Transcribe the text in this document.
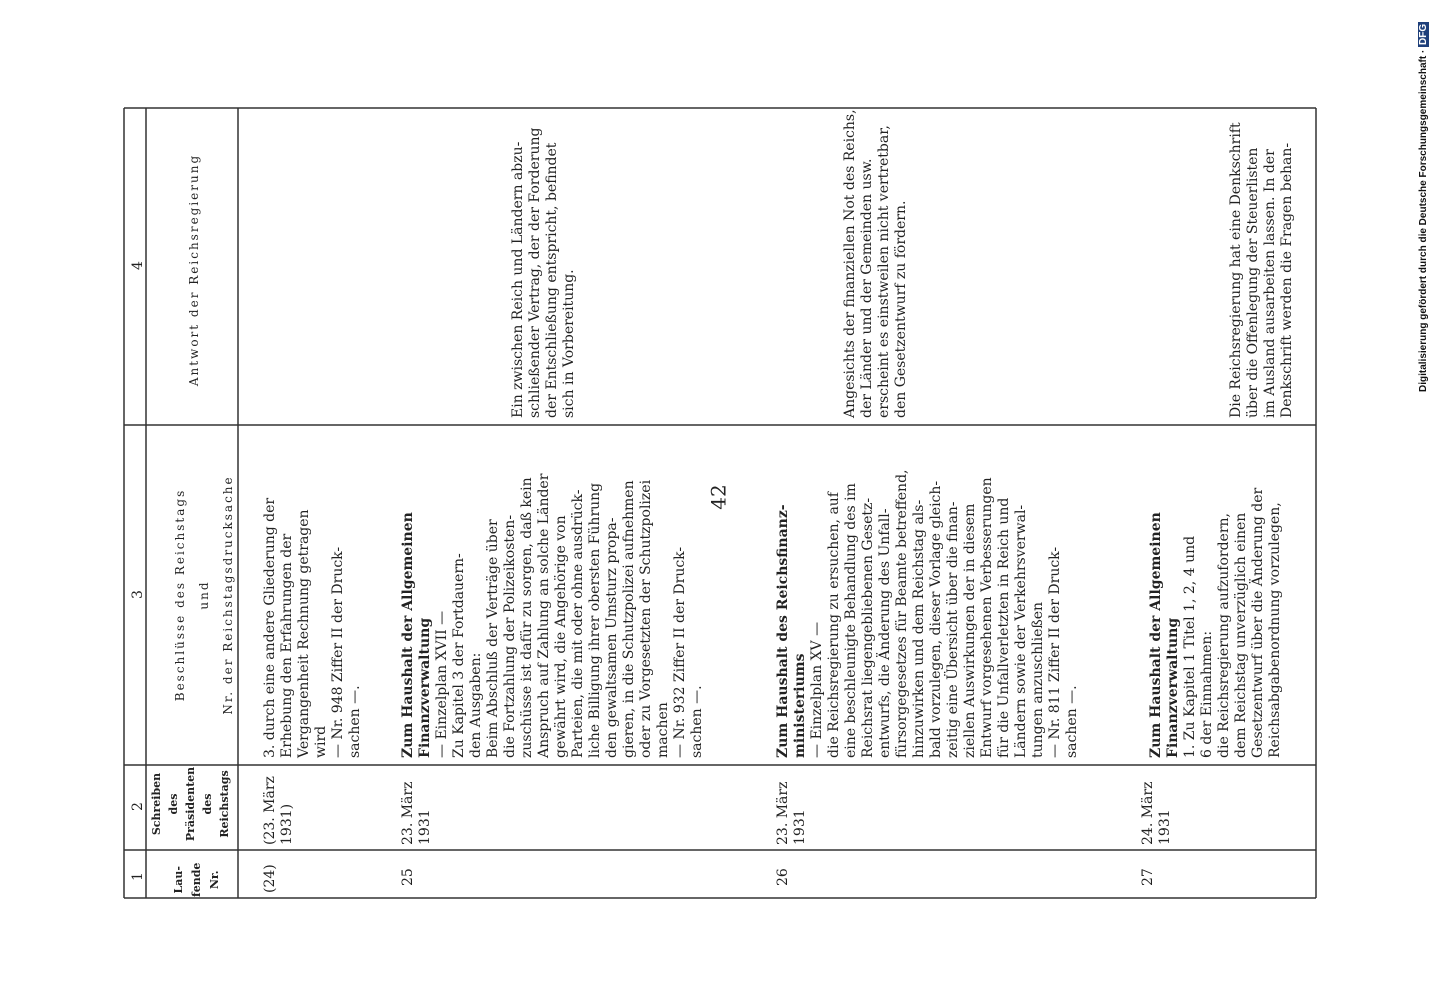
42
1
2
3
4
Lau- fende Nr.
Schreiben des Präsidenten des Reichstags
Beschlüsse des Reichstags und Nr. der Reichstagsdrucksache
Antwort der Reichsregierung
(24)
(23. März 1931)
3. durch eine andere Gliederung der Erhebung den Erfahrungen der Vergangenheit Rechnung getragen wird — Nr. 948 Ziffer II der Druck- sachen —.
25
23. März 1931
Zum Haushalt der Allgemeinen Finanzverwaltung — Einzelplan XVII — Zu Kapitel 3 der Fortdauern- den Ausgaben: Beim Abschluß der Verträge über die Fortzahlung der Polizeikosten- zuschüsse ist dafür zu sorgen, daß kein Anspruch auf Zahlung an solche Länder gewährt wird, die Angehörige von Parteien, die mit oder ohne ausdrück- liche Billigung ihrer obersten Führung den gewaltsamen Umsturz propa- gieren, in die Schutzpolizei aufnehmen oder zu Vorgesetzten der Schutzpolizei machen — Nr. 932 Ziffer II der Druck- sachen —.
Ein zwischen Reich und Ländern abzu- schließender Vertrag, der der Forderung der Entschließung entspricht, befindet sich in Vorbereitung.
26
23. März 1931
Zum Haushalt des Reichsfinanz- ministeriums — Einzelplan XV — die Reichsregierung zu ersuchen, auf eine beschleunigte Behandlung des im Reichsrat liegengebliebenen Gesetz- entwurfs, die Änderung des Unfall- fürsorgegesetzes für Beamte betreffend, hinzuwirken und dem Reichstag als- bald vorzulegen, dieser Vorlage gleich- zeitig eine Übersicht über die finan- ziellen Auswirkungen der in diesem Entwurf vorgesehenen Verbesserungen für die Unfallverletzten in Reich und Ländern sowie der Verkehrsverwal- tungen anzuschließen — Nr. 811 Ziffer II der Druck- sachen —.
Angesichts der finanziellen Not des Reichs, der Länder und der Gemeinden usw. erscheint es einstweilen nicht vertretbar, den Gesetzentwurf zu fördern.
27
24. März 1931
Zum Haushalt der Allgemeinen Finanzverwaltung 1. Zu Kapitel 1 Titel 1, 2, 4 und 6 der Einnahmen: die Reichsregierung aufzufordern, dem Reichstag unverzüglich einen Gesetzentwurf über die Änderung der Reichsabgabenordnung vorzulegen,
Die Reichsregierung hat eine Denkschrift über die Offenlegung der Steuerlisten im Ausland ausarbeiten lassen. In der Denkschrift werden die Fragen behan-	Digitalisierung gefördert durch die Deutsche Forschungsgemeinschaft · DFG
